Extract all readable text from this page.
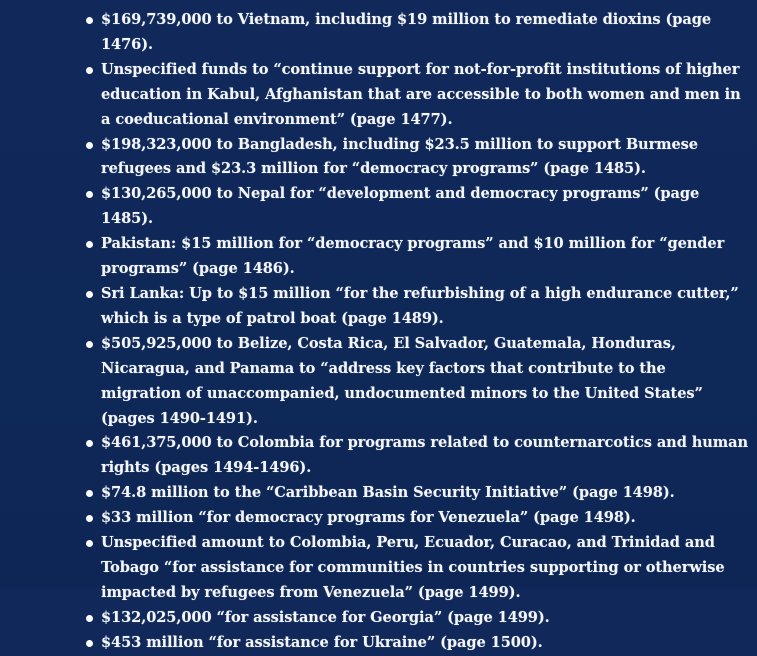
$169,739,000 to Vietnam, including $19 million to remediate dioxins (page 1476).
Unspecified funds to “continue support for not-for-profit institutions of higher education in Kabul, Afghanistan that are accessible to both women and men in a coeducational environment” (page 1477).
$198,323,000 to Bangladesh, including $23.5 million to support Burmese refugees and $23.3 million for “democracy programs” (page 1485).
$130,265,000 to Nepal for “development and democracy programs” (page 1485).
Pakistan: $15 million for “democracy programs” and $10 million for “gender programs” (page 1486).
Sri Lanka: Up to $15 million “for the refurbishing of a high endurance cutter,” which is a type of patrol boat (page 1489).
$505,925,000 to Belize, Costa Rica, El Salvador, Guatemala, Honduras, Nicaragua, and Panama to “address key factors that contribute to the migration of unaccompanied, undocumented minors to the United States” (pages 1490-1491).
$461,375,000 to Colombia for programs related to counternarcotics and human rights (pages 1494-1496).
$74.8 million to the “Caribbean Basin Security Initiative” (page 1498).
$33 million “for democracy programs for Venezuela” (page 1498).
Unspecified amount to Colombia, Peru, Ecuador, Curacao, and Trinidad and Tobago “for assistance for communities in countries supporting or otherwise impacted by refugees from Venezuela” (page 1499).
$132,025,000 “for assistance for Georgia” (page 1499).
$453 million “for assistance for Ukraine” (page 1500).
